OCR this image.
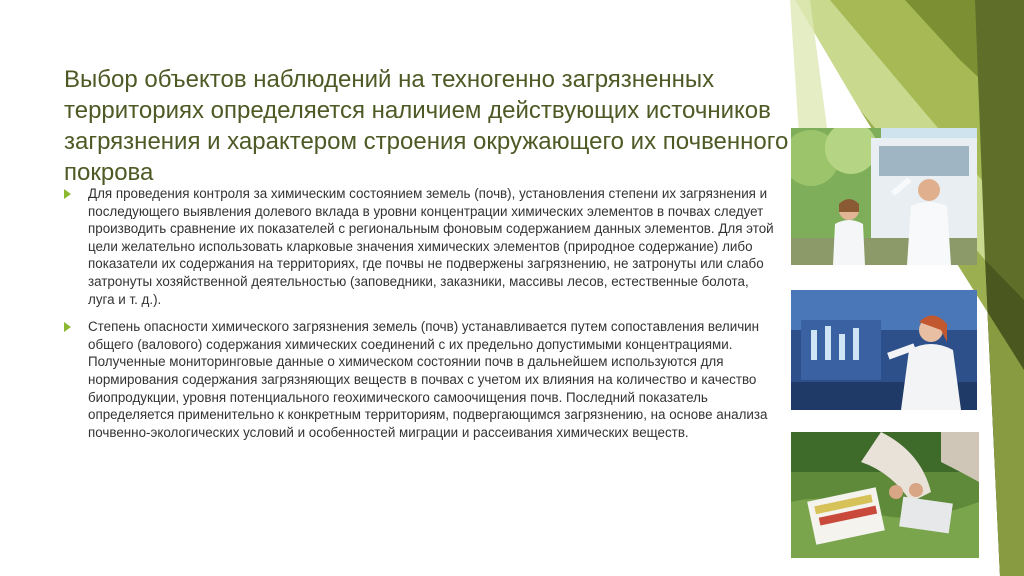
Выбор объектов наблюдений на техногенно загрязненных территориях определяется наличием действующих источников загрязнения и характером строения окружающего их почвенного покрова
Для проведения контроля за химическим состоянием земель (почв), установления степени их загрязнения и последующего выявления долевого вклада в уровни концентрации химических элементов в почвах следует производить сравнение их показателей с региональным фоновым содержанием данных элементов. Для этой цели желательно использовать кларковые значения химических элементов (природное содержание) либо показатели их содержания на территориях, где почвы не подвержены загрязнению, не затронуты или слабо затронуты хозяйственной деятельностью (заповедники, заказники, массивы лесов, естественные болота, луга и т. д.).
Степень опасности химического загрязнения земель (почв) устанавливается путем сопоставления величин общего (валового) содержания химических соединений с их предельно допустимыми концентрациями. Полученные мониторинговые данные о химическом состоянии почв в дальнейшем используются для нормирования содержания загрязняющих веществ в почвах с учетом их влияния на количество и качество биопродукции, уровня потенциального геохимического самоочищения почв. Последний показатель определяется применительно к конкретным территориям, подвергающимся загрязнению, на основе анализа почвенно-экологических условий и особенностей миграции и рассеивания химических веществ.
